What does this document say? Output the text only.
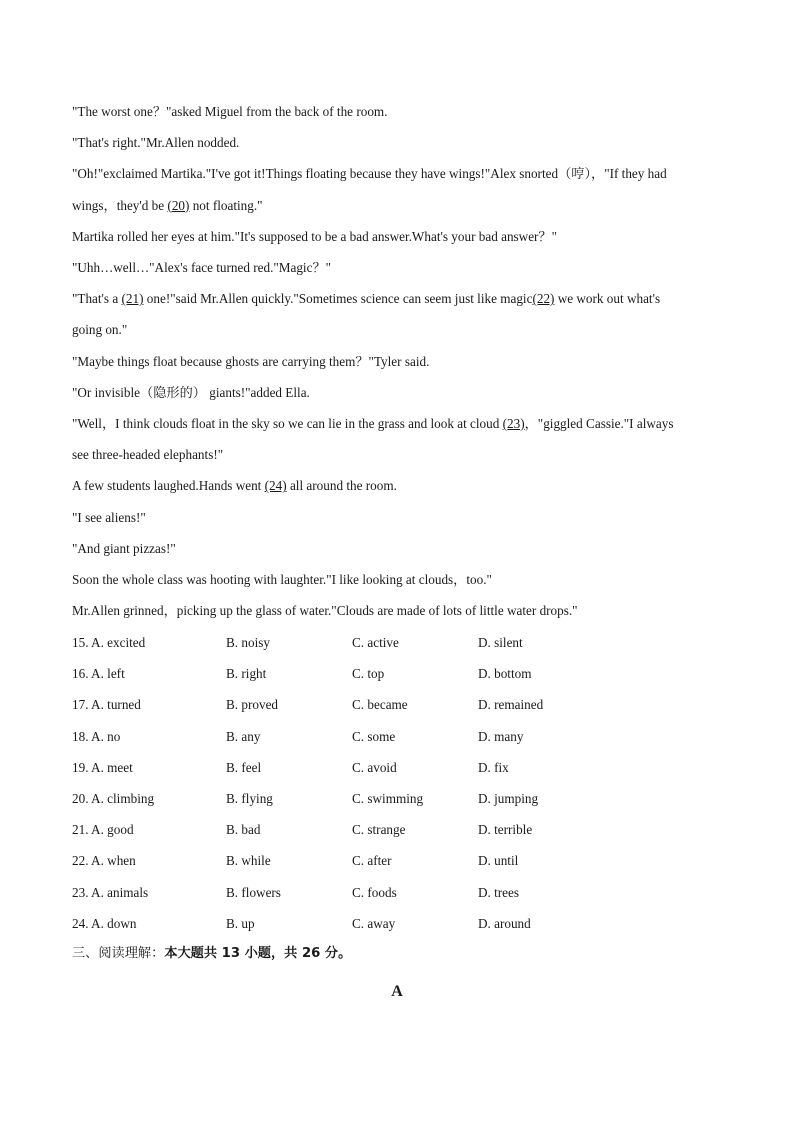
"The worst one？"asked Miguel from the back of the room.
"That's right."Mr.Allen nodded.
"Oh!"exclaimed Martika."I've got it!Things floating because they have wings!"Alex snorted（哼），"If they had
wings，they'd be (20) not floating."
Martika rolled her eyes at him."It's supposed to be a bad answer.What's your bad answer？"
"Uhh…well…"Alex's face turned red."Magic？"
"That's a (21) one!"said Mr.Allen quickly."Sometimes science can seem just like magic(22) we work out what's
going on."
"Maybe things float because ghosts are carrying them？"Tyler said.
"Or invisible（隐形的） giants!"added Ella.
"Well，I think clouds float in the sky so we can lie in the grass and look at cloud (23)，"giggled Cassie."I always
see three-headed elephants!"
A few students laughed.Hands went (24) all around the room.
"I see aliens!"
"And giant pizzas!"
Soon the whole class was hooting with laughter."I like looking at clouds，too."
Mr.Allen grinned，picking up the glass of water."Clouds are made of lots of little water drops."
15. A. excited	B. noisy	C. active	D. silent
16. A. left	B. right	C. top	D. bottom
17. A. turned	B. proved	C. became	D. remained
18. A. no	B. any	C. some	D. many
19. A. meet	B. feel	C. avoid	D. fix
20. A. climbing	B. flying	C. swimming	D. jumping
21. A. good	B. bad	C. strange	D. terrible
22. A. when	B. while	C. after	D. until
23. A. animals	B. flowers	C. foods	D. trees
24. A. down	B. up	C. away	D. around
三、阅读理解：本大题共 13 小题，共 26 分。
A
